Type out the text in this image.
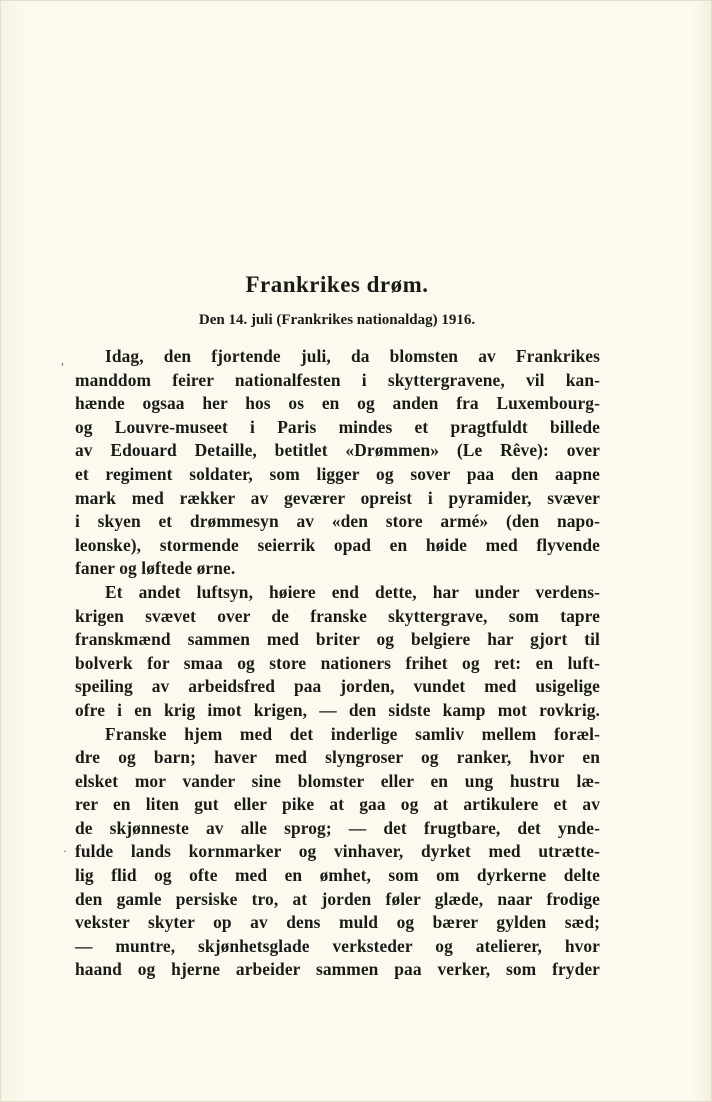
Frankrikes drøm.

Den 14. juli (Frankrikes nationaldag) 1916.

,
·
Idag, den fjortende juli, da blomsten av Frankrikes
manddom feirer nationalfesten i skyttergravene, vil kan-
hænde ogsaa her hos os en og anden fra Luxembourg-
og Louvre-museet i Paris mindes et pragtfuldt billede
av Edouard Detaille, betitlet «Drømmen» (Le Rêve): over
et regiment soldater, som ligger og sover paa den aapne
mark med rækker av geværer opreist i pyramider, svæver
i skyen et drømmesyn av «den store armé» (den napo-
leonske), stormende seierrik opad en høide med flyvende
faner og løftede ørne.
Et andet luftsyn, høiere end dette, har under verdens-
krigen svævet over de franske skyttergrave, som tapre
franskmænd sammen med briter og belgiere har gjort til
bolverk for smaa og store nationers frihet og ret: en luft-
speiling av arbeidsfred paa jorden, vundet med usigelige
ofre i en krig imot krigen, — den sidste kamp mot rovkrig.
Franske hjem med det inderlige samliv mellem foræl-
dre og barn; haver med slyngroser og ranker, hvor en
elsket mor vander sine blomster eller en ung hustru læ-
rer en liten gut eller pike at gaa og at artikulere et av
de skjønneste av alle sprog; — det frugtbare, det ynde-
fulde lands kornmarker og vinhaver, dyrket med utrætte-
lig flid og ofte med en ømhet, som om dyrkerne delte
den gamle persiske tro, at jorden føler glæde, naar frodige
vekster skyter op av dens muld og bærer gylden sæd;
— muntre, skjønhetsglade verksteder og atelierer, hvor
haand og hjerne arbeider sammen paa verker, som fryder
